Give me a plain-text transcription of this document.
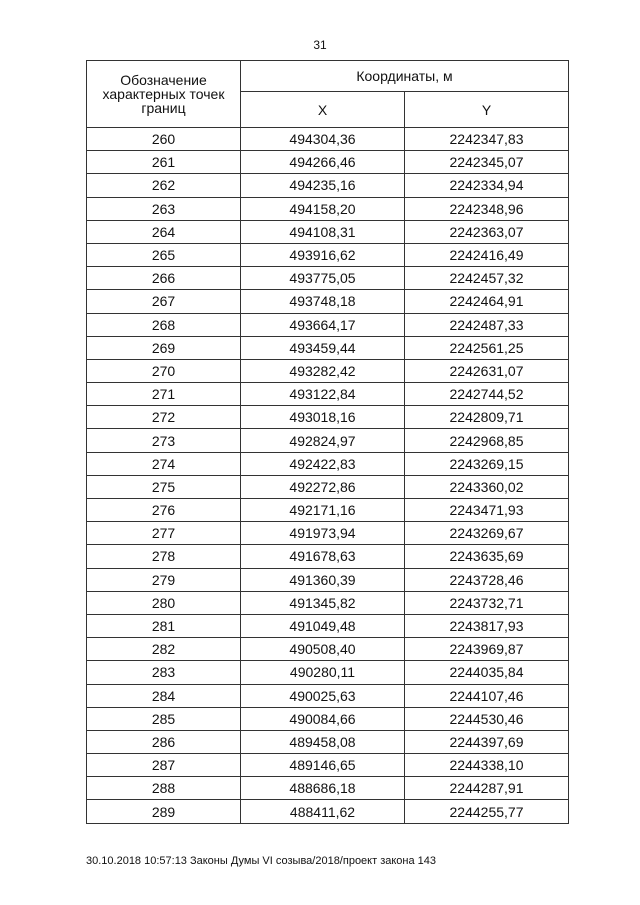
31
Обозначение характерных точек границ	Координаты, м	
	X	Y
260	494304,36	2242347,83
261	494266,46	2242345,07
262	494235,16	2242334,94
263	494158,20	2242348,96
264	494108,31	2242363,07
265	493916,62	2242416,49
266	493775,05	2242457,32
267	493748,18	2242464,91
268	493664,17	2242487,33
269	493459,44	2242561,25
270	493282,42	2242631,07
271	493122,84	2242744,52
272	493018,16	2242809,71
273	492824,97	2242968,85
274	492422,83	2243269,15
275	492272,86	2243360,02
276	492171,16	2243471,93
277	491973,94	2243269,67
278	491678,63	2243635,69
279	491360,39	2243728,46
280	491345,82	2243732,71
281	491049,48	2243817,93
282	490508,40	2243969,87
283	490280,11	2244035,84
284	490025,63	2244107,46
285	490084,66	2244530,46
286	489458,08	2244397,69
287	489146,65	2244338,10
288	488686,18	2244287,91
289	488411,62	2244255,77
30.10.2018 10:57:13 Законы Думы VI созыва/2018/проект закона 143
